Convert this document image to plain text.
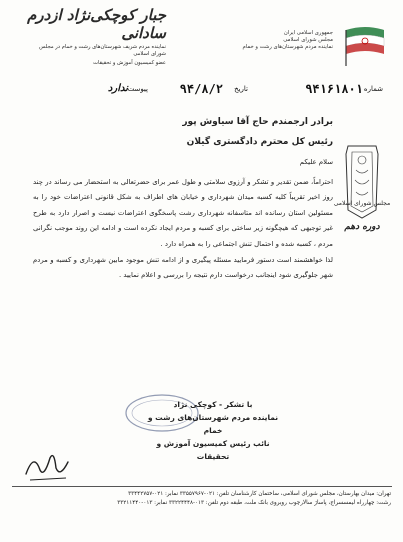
جبار کوچکی‌نژاد ازدرم سادانی
نماینده مردم شریف شهرستان‌های رشت و خمام در مجلس شورای اسلامی
عضو کمیسیون آموزش و تحقیقات
جمهوری اسلامی ایران
مجلس شورای اسلامی
نماینده مردم شهرستان‌های رشت و خمام
شماره
۹۴۱۶۱۸۰۱
تاریخ
۹۴/۸/۲
پیوست
ندارد
مجلس شورای اسلامی
دوره دهم
برادر ارجمندم حاج آقا سیاوش پور
رئیس کل محترم دادگستری گیلان

سلام علیکم

احتراماً، ضمن تقدیر و تشکر و آرزوی سلامتی و طول عمر برای حضرتعالی به استحضار می رساند در چند روز اخیر تقریباً کلیه کسبه میدان شهرداری و خیابان های اطراف به شکل قانونی اعتراضات خود را به مسئولین استان رسانده اند متاسفانه شهرداری رشت پاسخگوی اعتراضات نیست و اصرار دارد به طرح غیر توجیهی که هیچگونه زیر ساختی برای کسبه و مردم ایجاد نکرده است و ادامه این روند موجب نگرانی مردم ، کسبه شده و احتمال تنش اجتماعی را به همراه دارد .

لذا خواهشمند است دستور فرمایید مسئله پیگیری و از ادامه تنش موجود مابین شهرداری و کسبه و مردم شهر جلوگیری شود اینجانب درخواست دارم نتیجه را بررسی و اعلام نمایید .

با تشکر - کوچکی نژاد
نماینده مردم شهرستان‌های رشت و خمام
نائب رئیس کمیسیون آموزش و تحقیقات
تهران: میدان بهارستان، مجلس شورای اسلامی، ساختمان کارشناسان تلفن: ۰۲۱-۳۳۵۵۷۹۶۷ نمابر: ۰۲۱-۳۳۴۴۲۷۵۷
رشت: چهارراه لیمسسراج، پاساژ سالارچوب روبروی بانک ملت، طبقه دوم تلفن: ۰۱۳-۳۳۲۲۴۴۴۸ نمابر: ۰۱۳-۳۳۲۱۱۴۴۰
